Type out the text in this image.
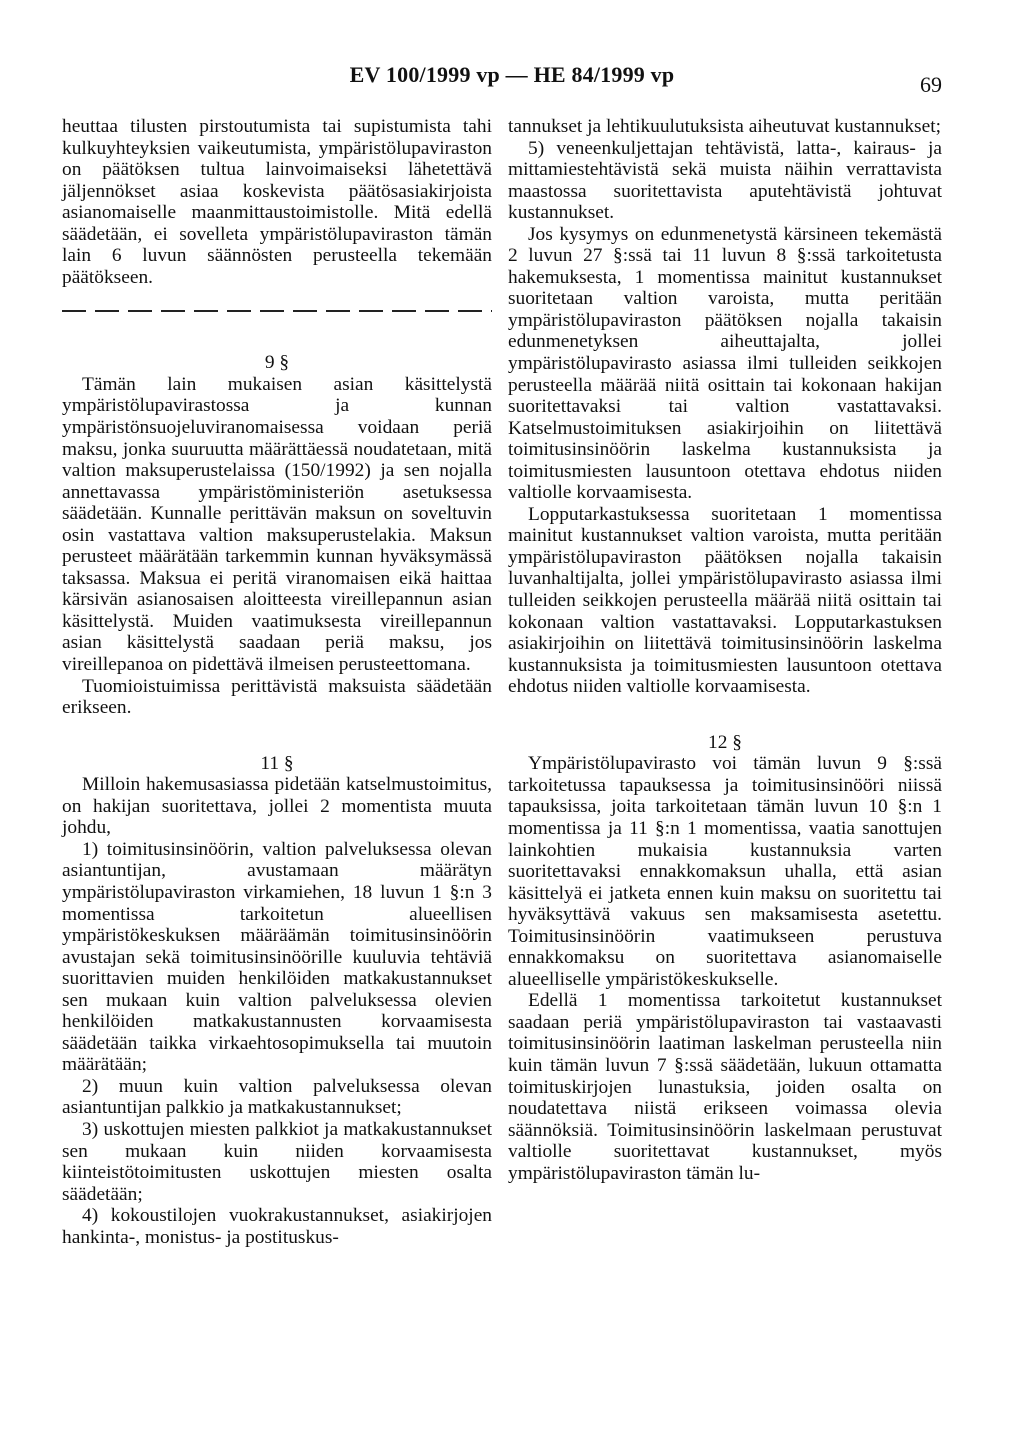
EV 100/1999 vp — HE 84/1999 vp	69

heuttaa tilusten pirstoutumista tai supistumista tahi kulkuyhteyksien vaikeutumista, ympäristölupaviraston on päätöksen tultua lainvoimaiseksi lähetettävä jäljennökset asiaa koskevista päätösasiakirjoista asianomaiselle maanmittaustoimistolle. Mitä edellä säädetään, ei sovelleta ympäristölupaviraston tämän lain 6 luvun säännösten perusteella tekemään päätökseen.

9 §

Tämän lain mukaisen asian käsittelystä ympäristölupavirastossa ja kunnan ympäristönsuojeluviranomaisessa voidaan periä maksu, jonka suuruutta määrättäessä noudatetaan, mitä valtion maksuperustelaissa (150/1992) ja sen nojalla annettavassa ympäristöministeriön asetuksessa säädetään. Kunnalle perittävän maksun on soveltuvin osin vastattava valtion maksuperustelakia. Maksun perusteet määrätään tarkemmin kunnan hyväksymässä taksassa. Maksua ei peritä viranomaisen eikä haittaa kärsivän asianosaisen aloitteesta vireillepannun asian käsittelystä. Muiden vaatimuksesta vireillepannun asian käsittelystä saadaan periä maksu, jos vireillepanoa on pidettävä ilmeisen perusteettomana.

Tuomioistuimissa perittävistä maksuista säädetään erikseen.

11 §

Milloin hakemusasiassa pidetään katselmustoimitus, on hakijan suoritettava, jollei 2 momentista muuta johdu,

1) toimitusinsinöörin, valtion palveluksessa olevan asiantuntijan, avustamaan määrätyn ympäristölupaviraston virkamiehen, 18 luvun 1 §:n 3 momentissa tarkoitetun alueellisen ympäristökeskuksen määräämän toimitusinsinöörin avustajan sekä toimitusinsinöörille kuuluvia tehtäviä suorittavien muiden henkilöiden matkakustannukset sen mukaan kuin valtion palveluksessa olevien henkilöiden matkakustannusten korvaamisesta säädetään taikka virkaehtosopimuksella tai muutoin määrätään;

2) muun kuin valtion palveluksessa olevan asiantuntijan palkkio ja matkakustannukset;

3) uskottujen miesten palkkiot ja matkakustannukset sen mukaan kuin niiden korvaamisesta kiinteistötoimitusten uskottujen miesten osalta säädetään;

4) kokoustilojen vuokrakustannukset, asiakirjojen hankinta-, monistus- ja postituskus-

tannukset ja lehtikuulutuksista aiheutuvat kustannukset;

5) veneenkuljettajan tehtävistä, latta-, kairaus- ja mittamiestehtävistä sekä muista näihin verrattavista maastossa suoritettavista aputehtävistä johtuvat kustannukset.

Jos kysymys on edunmenetystä kärsineen tekemästä 2 luvun 27 §:ssä tai 11 luvun 8 §:ssä tarkoitetusta hakemuksesta, 1 momentissa mainitut kustannukset suoritetaan valtion varoista, mutta peritään ympäristölupaviraston päätöksen nojalla takaisin edunmenetyksen aiheuttajalta, jollei ympäristölupavirasto asiassa ilmi tulleiden seikkojen perusteella määrää niitä osittain tai kokonaan hakijan suoritettavaksi tai valtion vastattavaksi. Katselmustoimituksen asiakirjoihin on liitettävä toimitusinsinöörin laskelma kustannuksista ja toimitusmiesten lausuntoon otettava ehdotus niiden valtiolle korvaamisesta.

Lopputarkastuksessa suoritetaan 1 momentissa mainitut kustannukset valtion varoista, mutta peritään ympäristölupaviraston päätöksen nojalla takaisin luvanhaltijalta, jollei ympäristölupavirasto asiassa ilmi tulleiden seikkojen perusteella määrää niitä osittain tai kokonaan valtion vastattavaksi. Lopputarkastuksen asiakirjoihin on liitettävä toimitusinsinöörin laskelma kustannuksista ja toimitusmiesten lausuntoon otettava ehdotus niiden valtiolle korvaamisesta.

12 §

Ympäristölupavirasto voi tämän luvun 9 §:ssä tarkoitetussa tapauksessa ja toimitusinsinööri niissä tapauksissa, joita tarkoitetaan tämän luvun 10 §:n 1 momentissa ja 11 §:n 1 momentissa, vaatia sanottujen lainkohtien mukaisia kustannuksia varten suoritettavaksi ennakkomaksun uhalla, että asian käsittelyä ei jatketa ennen kuin maksu on suoritettu tai hyväksyttävä vakuus sen maksamisesta asetettu. Toimitusinsinöörin vaatimukseen perustuva ennakkomaksu on suoritettava asianomaiselle alueelliselle ympäristökeskukselle.

Edellä 1 momentissa tarkoitetut kustannukset saadaan periä ympäristölupaviraston tai vastaavasti toimitusinsinöörin laatiman laskelman perusteella niin kuin tämän luvun 7 §:ssä säädetään, lukuun ottamatta toimituskirjojen lunastuksia, joiden osalta on noudatettava niistä erikseen voimassa olevia säännöksiä. Toimitusinsinöörin laskelmaan perustuvat valtiolle suoritettavat kustannukset, myös ympäristölupaviraston tämän lu-
